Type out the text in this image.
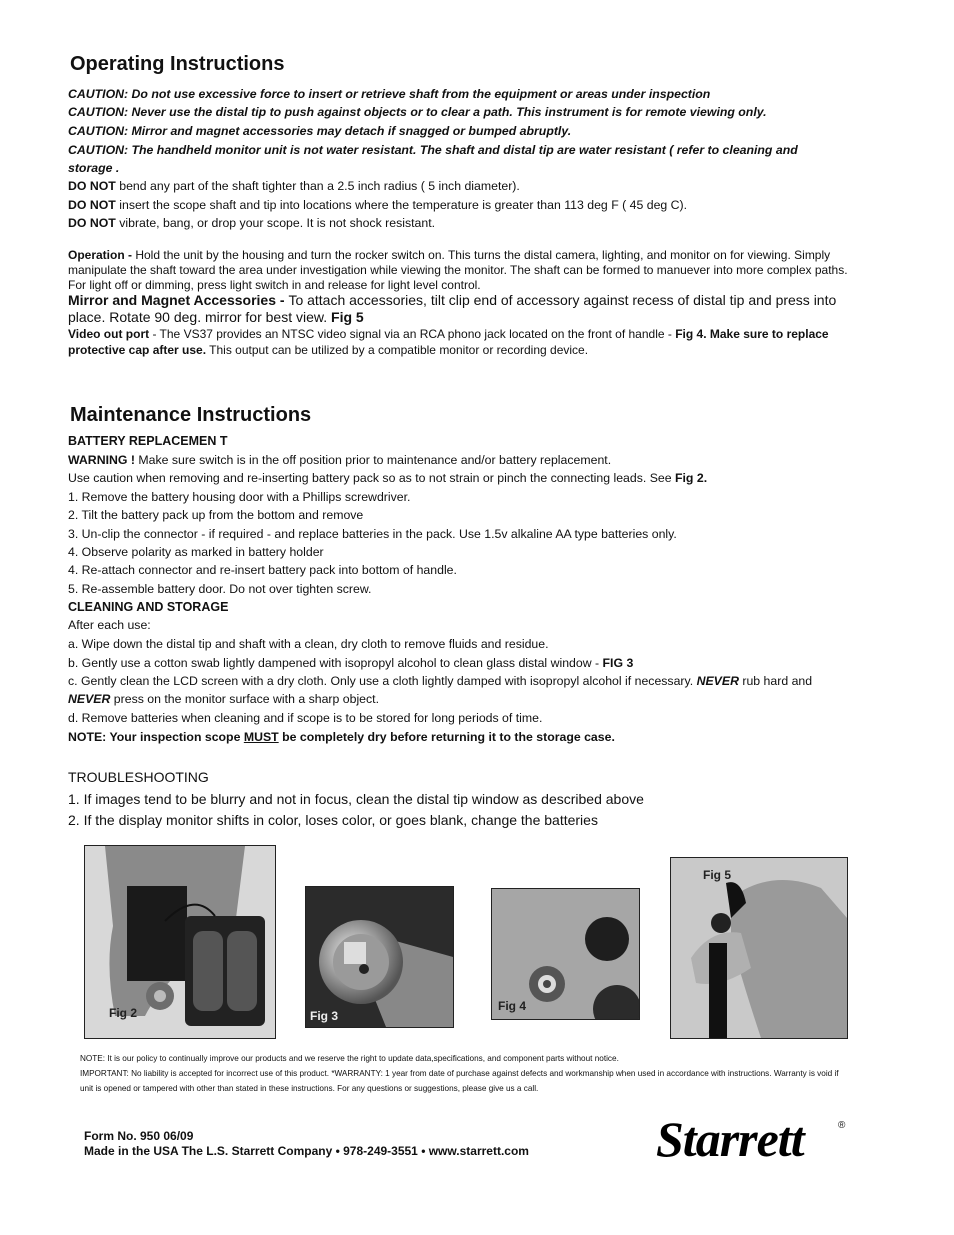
Operating Instructions
CAUTION: Do not use excessive force to insert or retrieve shaft from the equipment or areas under inspection
CAUTION: Never use the distal tip to push against objects or to clear a path. This instrument is for remote viewing only.
CAUTION: Mirror and magnet accessories may detach if snagged or bumped abruptly.
CAUTION: The handheld monitor unit is not water resistant. The shaft and distal tip are water resistant ( refer to cleaning and
storage .
DO NOT bend any part of the shaft tighter than a 2.5 inch radius ( 5 inch diameter).
DO NOT insert the scope shaft and tip into locations where the temperature is greater than 113 deg F ( 45 deg C).
DO NOT vibrate, bang, or drop your scope. It is not shock resistant.
Operation - Hold the unit by the housing and turn the rocker switch on. This turns the distal camera, lighting, and monitor on for viewing. Simply manipulate the shaft toward the area under investigation while viewing the monitor. The shaft can be formed to manuever into more complex paths. For light off or dimming, press light switch in and release for light level control.
Mirror and Magnet Accessories - To attach accessories, tilt clip end of accessory against recess of distal tip and press into place. Rotate 90 deg. mirror for best view. Fig 5
Video out port - The VS37 provides an NTSC video signal via an RCA phono jack located on the front of handle - Fig 4. Make sure to replace protective cap after use. This output can be utilized by a compatible monitor or recording device.
Maintenance Instructions
BATTERY REPLACEMEN T
WARNING ! Make sure switch is in the off position prior to maintenance and/or battery replacement.
Use caution when removing and re-inserting battery pack so as to not strain or pinch the connecting leads. See Fig 2.
1. Remove the battery housing door with a Phillips screwdriver.
2. Tilt the battery pack up from the bottom and remove
3. Un-clip the connector - if required - and replace batteries in the pack. Use 1.5v alkaline AA type batteries only.
4. Observe polarity as marked in battery holder
4. Re-attach connector and re-insert battery pack into bottom of handle.
5. Re-assemble battery door. Do not over tighten screw.
CLEANING AND STORAGE
After each use:
a. Wipe down the distal tip and shaft with a clean, dry cloth to remove fluids and residue.
b. Gently use a cotton swab lightly dampened with isopropyl alcohol to clean glass distal window - FIG 3
c. Gently clean the LCD screen with a dry cloth. Only use a cloth lightly damped with isopropyl alcohol if necessary. NEVER rub hard and
NEVER press on the monitor surface with a sharp object.
d. Remove batteries when cleaning and if scope is to be stored for long periods of time.
NOTE: Your inspection scope MUST be completely dry before returning it to the storage case.
TROUBLESHOOTING
1. If images tend to be blurry and not in focus, clean the distal tip window as described above
2. If the display monitor shifts in color, loses color, or goes blank, change the batteries
Fig 2	Fig 3
Fig 4
Fig 5
NOTE: It is our policy to continually improve our products and we reserve the right to update data,specifications, and component parts without notice.
IMPORTANT: No liability is accepted for incorrect use of this product. *WARRANTY: 1 year from date of purchase against defects and workmanship when used in accordance with instructions. Warranty is void if unit is opened or tampered with other than stated in these instructions. For any questions or suggestions, please give us a call.
Form No. 950 06/09
Made in the USA The L.S. Starrett Company • 978-249-3551 • www.starrett.com	Starrett	®
